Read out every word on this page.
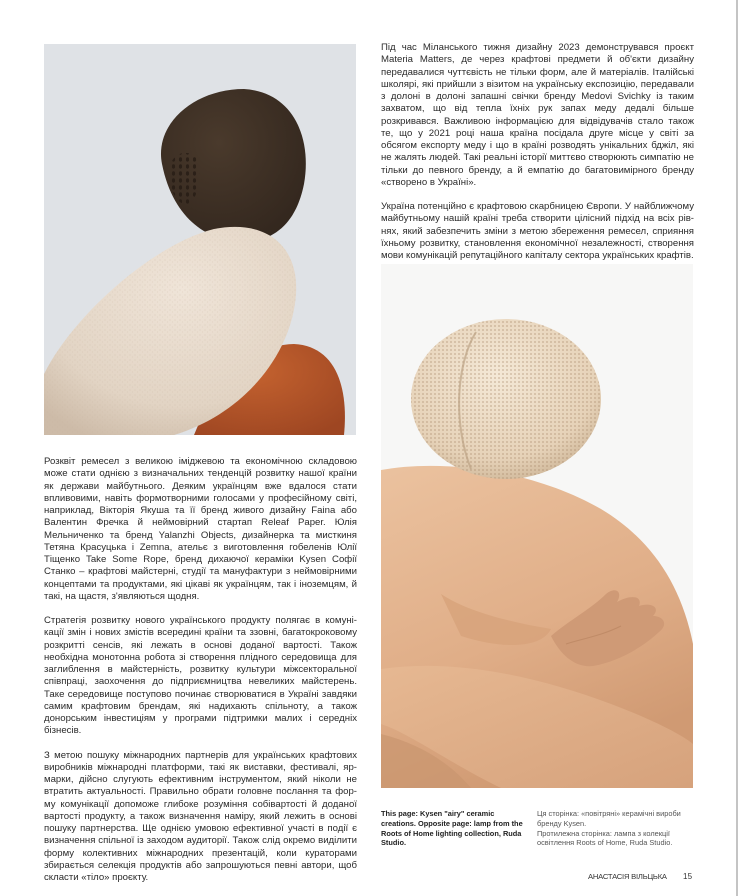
Під час Міланського тижня дизайну 2023 демонструвався проєкт Materia Matters, де через крафтові предмети й об'єкти дизайну передавалися чуттєвість не тільки форм, але й матеріалів. Італійські школярі, які прийшли з візитом на українську експозицію, передавали з долоні в долоні запашні свічки бренду Medovi Svichky із таким захватом, що від тепла їхніх рук запах меду дедалі більше розкривався. Важливою інформацією для відвідувачів стало також те, що у 2021 році наша країна посідала друге місце у світі за обсягом експорту меду і що в країні розводять унікальних бджіл, які не жалять людей. Такі реальні історії миттєво створюють симпатію не тільки до певного бренду, а й емпатію до багатовимірного бренду «створено в Україні».

Україна потенційно є крафтовою скарбницею Європи. У найближчому майбутньому нашій країні треба створити цілісний підхід на всіх рівнях, який забезпечить зміни з метою збереження ремесел, сприяння їхньому розвитку, становлення економічної незалежності, створення мови комунікацій репутаційного капіталу сектора українських крафтів.

Розквіт ремесел з великою іміджевою та економічною складовою може стати однією з визначальних тенденцій розвитку нашої країни як держави майбутнього. Деяким українцям вже вдалося стати впливовими, навіть формотворними голосами у професійному світі, наприклад, Вікторія Якуша та її бренд живого дизайну Faina або Валентин Фречка й неймовірний стартап Releaf Paper. Юлія Мельниченко та бренд Yalanzhi Objects, дизайнерка та мисткиня Тетяна Красуцька і Zemna, ательє з виготовлення гобеленів Юлії Тіщенко Take Some Rope, бренд дихаючої кераміки Kysen Софії Станко – крафтові майстерні, студії та мануфактури з неймовірними концептами та продуктами, які цікаві як українцям, так і іноземцям, й такі, на щастя, з'являються щодня.

Стратегія розвитку нового українського продукту полягає в комунікації змін і нових змістів всередині країни та ззовні, багатокроковому розкритті сенсів, які лежать в основі доданої вартості. Також необхідна монотонна робота зі створення плідного середовища для заглиблення в майстерність, розвитку культури міжсекторальної співпраці, заохочення до підприємництва невеликих майстерень. Таке середовище поступово починає створюватися в Україні завдяки самим крафтовим брендам, які надихають спільноту, а також донорським інвестиціям у програми підтримки малих і середніх бізнесів.

З метою пошуку міжнародних партнерів для українських крафтових виробників міжнародні платформи, такі як виставки, фестивалі, ярмарки, дійсно слугують ефективним інструментом, який ніколи не втратить актуальності. Правильно обрати головне послання та форму комунікації допоможе глибоке розуміння собівартості й доданої вартості продукту, а також визначення наміру, який лежить в основі пошуку партнерства. Ще однією умовою ефективної участі в події є визначення спільної із заходом аудиторії. Також слід окремо виділити форму колективних міжнародних презентацій, коли кураторами збирається селекція продуктів або запрошуються певні автори, щоб скласти «тіло» проєкту.

This page: Kysen "airy" ceramic creations. Opposite page: lamp from the Roots of Home lighting collection, Ruda Studio.
Ця сторінка: «повітряні» керамічні вироби бренду Kysen.
Протилежна сторінка: лампа з колекції освітлення Roots of Home, Ruda Studio.
АНАСТАСІЯ ВІЛЬЦЬКА 15
